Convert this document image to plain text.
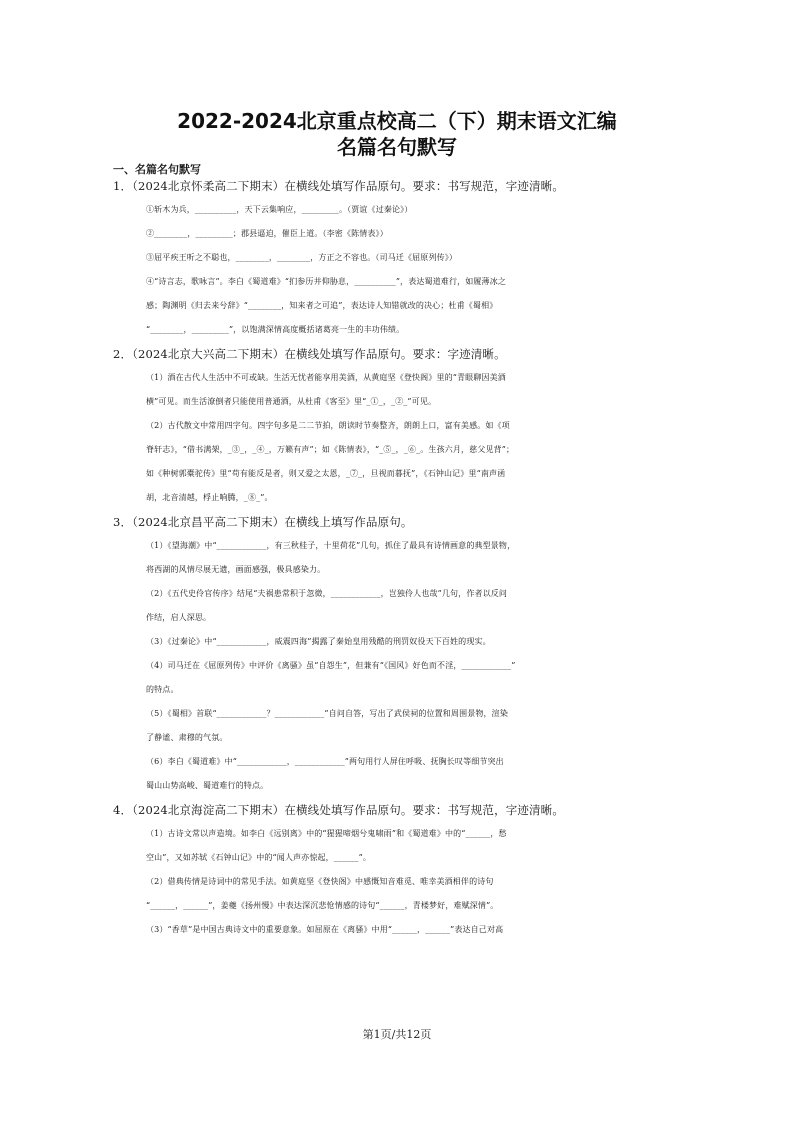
2022-2024北京重点校高二（下）期末语文汇编
名篇名句默写
一、名篇名句默写
1．（2024北京怀柔高二下期末）在横线处填写作品原句。要求：书写规范，字迹清晰。
①斩木为兵，__________，天下云集响应，_________。（贾谊《过秦论》）
②________，_________；郡县逼迫，催臣上道。（李密《陈情表》）
③屈平疾王听之不聪也，________，________，方正之不容也。（司马迁《屈原列传》）
④“诗言志，歌咏言”。李白《蜀道难》“扪参历井仰胁息，__________”，表达蜀道难行，如履薄冰之
感；陶渊明《归去来兮辞》“________，知来者之可追”，表达诗人知错就改的决心；杜甫《蜀相》
“________，_________”，以饱满深情高度概括诸葛亮一生的丰功伟绩。
2．（2024北京大兴高二下期末）在横线处填写作品原句。要求：字迹清晰。
（1）酒在古代人生活中不可或缺。生活无忧者能享用美酒，从黄庭坚《登快阁》里的“青眼聊因美酒
横”可见。而生活潦倒者只能使用普通酒，从杜甫《客至》里“_①_，_②_”可见。
（2）古代散文中常用四字句。四字句多是二二节拍，朗读时节奏整齐，朗朗上口，富有美感。如《项
脊轩志》，“借书满架，_③_，_④_，万籁有声”；如《陈情表》，“_⑤_，_⑥_。生孩六月，慈父见背”；
如《种树郭橐驼传》里“苟有能反是者，则又爱之太恩，_⑦_，旦视而暮抚”，《石钟山记》里“南声函
胡，北音清越，桴止响腾，_⑧_”。
3．（2024北京昌平高二下期末）在横线上填写作品原句。
（1）《望海潮》中“____________，有三秋桂子，十里荷花”几句，抓住了最具有诗情画意的典型景物，
将西湖的风情尽展无遗，画面感强，极具感染力。
（2）《五代史伶官传序》结尾“夫祸患常积于忽微，____________，岂独伶人也哉”几句，作者以反问
作结，启人深思。
（3）《过秦论》中“____________，威震四海”揭露了秦始皇用残酷的刑罚奴役天下百姓的现实。
（4）司马迁在《屈原列传》中评价《离骚》虽“自怨生”，但兼有“《国风》好色而不淫，____________”
的特点。
（5）《蜀相》首联“____________？____________”自问自答，写出了武侯祠的位置和周围景物，渲染
了静谧、肃穆的气氛。
（6）李白《蜀道难》中“____________，____________”两句用行人屏住呼吸、抚胸长叹等细节突出
蜀山山势高峻、蜀道难行的特点。
4．（2024北京海淀高二下期末）在横线处填写作品原句。要求：书写规范，字迹清晰。
（1）古诗文常以声造境。如李白《远别离》中的“猩猩啼烟兮鬼啸雨”和《蜀道难》中的“______，愁
空山”，又如苏轼《石钟山记》中的“闻人声亦惊起，______”。
（2）借典传情是诗词中的常见手法。如黄庭坚《登快阁》中感慨知音难觅、唯幸美酒相伴的诗句
“______，______”，姜夔《扬州慢》中表达深沉悲怆情感的诗句“______，青楼梦好，难赋深情”。
（3）“香草”是中国古典诗文中的重要意象。如屈原在《离骚》中用“______，______”表达自己对高
第1页/共12页
